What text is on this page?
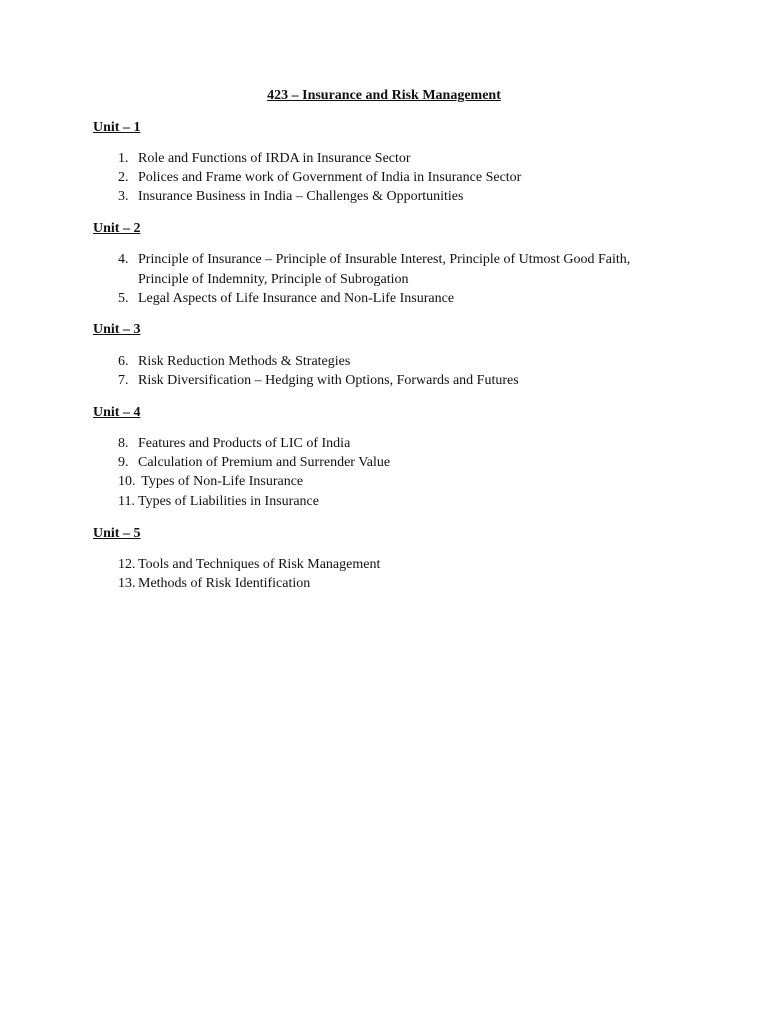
423 – Insurance and Risk Management
Unit – 1
1. Role and Functions of IRDA in Insurance Sector
2. Polices and Frame work of Government of India in Insurance Sector
3. Insurance Business in India – Challenges & Opportunities
Unit – 2
4. Principle of Insurance – Principle of Insurable Interest, Principle of Utmost Good Faith, Principle of Indemnity, Principle of Subrogation
5. Legal Aspects of Life Insurance and Non-Life Insurance
Unit – 3
6. Risk Reduction Methods & Strategies
7. Risk Diversification – Hedging with Options, Forwards and Futures
Unit – 4
8. Features and Products of LIC of India
9. Calculation of Premium and Surrender Value
10. Types of Non-Life Insurance
11. Types of Liabilities in Insurance
Unit – 5
12. Tools and Techniques of Risk Management
13. Methods of Risk Identification
